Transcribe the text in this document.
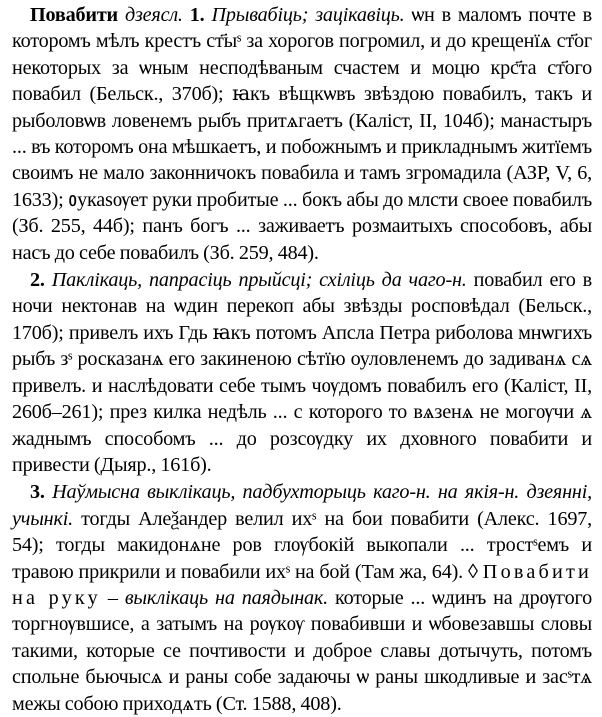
Повабити дзеясл. 1. Прывабіць; зацікавіць. ѡн в маломъ почте в которомъ мѣлъ крестъ ст҃ыˢ за хорогов погромил, и до крещенїѧ ст҃ог некоторых за ѡным несподѣваным счастем и моцю крс҃та ст҃ого повабил (Бельск., 370б); ꙗкъ вѣщкѡвъ звѣздою повабилъ, такъ и рыболовѡв ловенемъ рыбъ притѧгаетъ (Каліст, II, 104б); манастыръ ... въ которомъ она мѣшкаетъ, и побожнымъ и прикладнымъ житїемъ своимъ не мало законничокъ повабила и тамъ згромадила (АЗР, V, 6, 1633); ᲂукаѕѹет руки пробитые ... бокъ абы до млсти своее повабилъ (Зб. 255, 44б); панъ богъ ... заживаетъ розмаитыхъ способовъ, абы насъ до себе повабилъ (Зб. 259, 484).

2. Паклікаць, папрасіць прыйсці; схіліць да чаго-н. повабил его в ночи нектонав на ѡдин перекоп абы звѣзды росповѣдал (Бельск., 170б); привелъ ихъ Гдь ꙗкъ потомъ Апсла Петра риболова мнѡгихъ рыбъ зˢ росказанѧ его закиненою сѣтїю оуловленемъ до задиванѧ сѧ привелъ. и наслѣдовати себе тымъ чѹдомъ повабилъ его (Каліст, II, 260б–261); през килка недѣль ... с которого то вѧзенѧ не могѹчи ѧ жаднымъ способомъ ... до розсѹдку их дховного повабити и привести (Дыяр., 161б).

3. Наўмысна выклікаць, падбухторыць каго-н. на якія-н. дзеянні, учынкі. тогды Алеѯандер велил ихˢ на бои повабити (Алекс. 1697, 54); тогды макидонѧне ров глѹбокій выкопали ... тростˢемъ и травою прикрили и повабили ихˢ на бой (Там жа, 64). ◊ Повабити на руку – выклікаць на паядынак. которые ... ѡдинъ на дрѹгого торгнѹвшисе, а затымъ на рѹкѹ повабивши и ѡбовезавшы словы такими, которые се почтивости и доброе славы дотычуть, потомъ спольне бьючысѧ и раны собе задаючы ѡ раны шкодливые и засˢтѧ межы собою приходѧть (Ст. 1588, 408).
